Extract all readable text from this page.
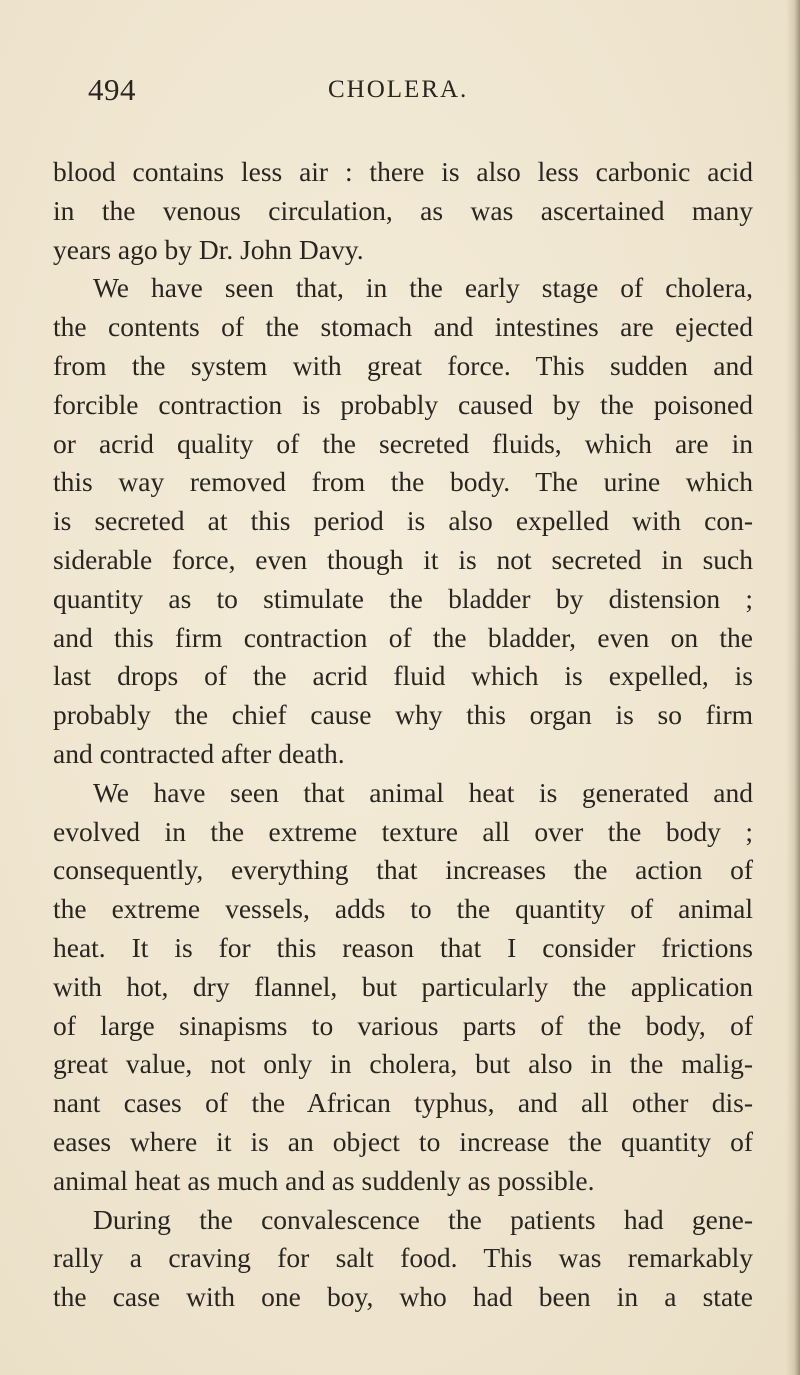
494	CHOLERA.
blood contains less air : there is also less carbonic acid
in the venous circulation, as was ascertained many
years ago by Dr. John Davy.
We have seen that, in the early stage of cholera,
the contents of the stomach and intestines are ejected
from the system with great force. This sudden and
forcible contraction is probably caused by the poisoned
or acrid quality of the secreted fluids, which are in
this way removed from the body. The urine which
is secreted at this period is also expelled with con-
siderable force, even though it is not secreted in such
quantity as to stimulate the bladder by distension ;
and this firm contraction of the bladder, even on the
last drops of the acrid fluid which is expelled, is
probably the chief cause why this organ is so firm
and contracted after death.
We have seen that animal heat is generated and
evolved in the extreme texture all over the body ;
consequently, everything that increases the action of
the extreme vessels, adds to the quantity of animal
heat. It is for this reason that I consider frictions
with hot, dry flannel, but particularly the application
of large sinapisms to various parts of the body, of
great value, not only in cholera, but also in the malig-
nant cases of the African typhus, and all other dis-
eases where it is an object to increase the quantity of
animal heat as much and as suddenly as possible.
During the convalescence the patients had gene-
rally a craving for salt food. This was remarkably
the case with one boy, who had been in a state
